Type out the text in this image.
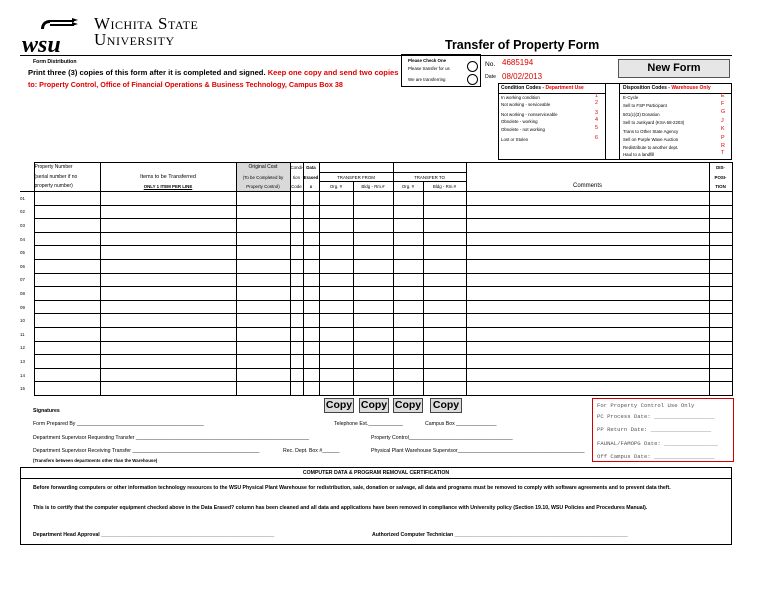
wsu
Wichita State
University	Transfer of Property Form
Form Distribution
Print three (3) copies of this form after it is completed and signed. Keep one copy and send two copies
to: Property Control, Office of Financial Operations & Business Technology, Campus Box 38
Please Check One
Please transfer for us
We are transferring
No. 4685194
Date 08/02/2013
New Form
Condition Codes - Department Use
In working condition	1
Not working - serviceable	2
Not working - nonserviceable	3
Obsolete - working	4
Obsolete - not working	5
Lost or Stolen	6
Disposition Codes - Warehouse Only
E-Cycle	E
Sell to FSP Participant	F
501(c)(3) Donation	G
Sell to Junkyard (KSA 68-2203)	J
Trans to Other State Agency	K
Sell on Purple Wave Auction	P
Redistribute to another dept.	R
Haul to a landfill	T
	Property Number		Original Cost	Condi-	Data						DIS-
	(serial number if no	Items to be Transferred	(To be Completed by	tion	Erased	TRANSFER FROM		TRANSFER TO			POSI-
	property number)	ONLY 1 ITEM PER LINE	Property Control)	Code	x	Org. #	Bldg - Rm.#	Org. #	Bldg - Rm.#	Comments	TION
01											
02											
03											
04											
05											
06											
07											
08											
09											
10											
11											
12											
13											
14											
15											
Copy Copy Copy Copy
Signatures
Form Prepared By ____________________________________________	Telephone Ext.____________	Campus Box ______________
Department Supervisor Requesting Transfer ____________________________________________________________	Property Control____________________________________
Department Supervisor Receiving Transfer ____________________________________________	Rec. Dept. Box #______	Physical Plant Warehouse Supervisor____________________________________________
(Transfers between departments other than the Warehouse)
For Property Control Use Only
PC Process Date: __________________
PP Return Date: __________________
FAUNAL/FAMOPG Date: ________________
Off Campus Date: __________________
COMPUTER DATA & PROGRAM REMOVAL CERTIFICATION
Before forwarding computers or other information technology resources to the WSU Physical Plant Warehouse for redistribution, sale, donation or salvage, all data and programs must be removed to comply with software agreements and to prevent data theft.
This is to certify that the computer equipment checked above in the Data Erased? column has been cleaned and all data and applications have been removed in compliance with University policy (Section 19.10, WSU Policies and Procedures Manual).
Department Head Approval ____________________________________________________________	Authorized Computer Technician ____________________________________________________________
